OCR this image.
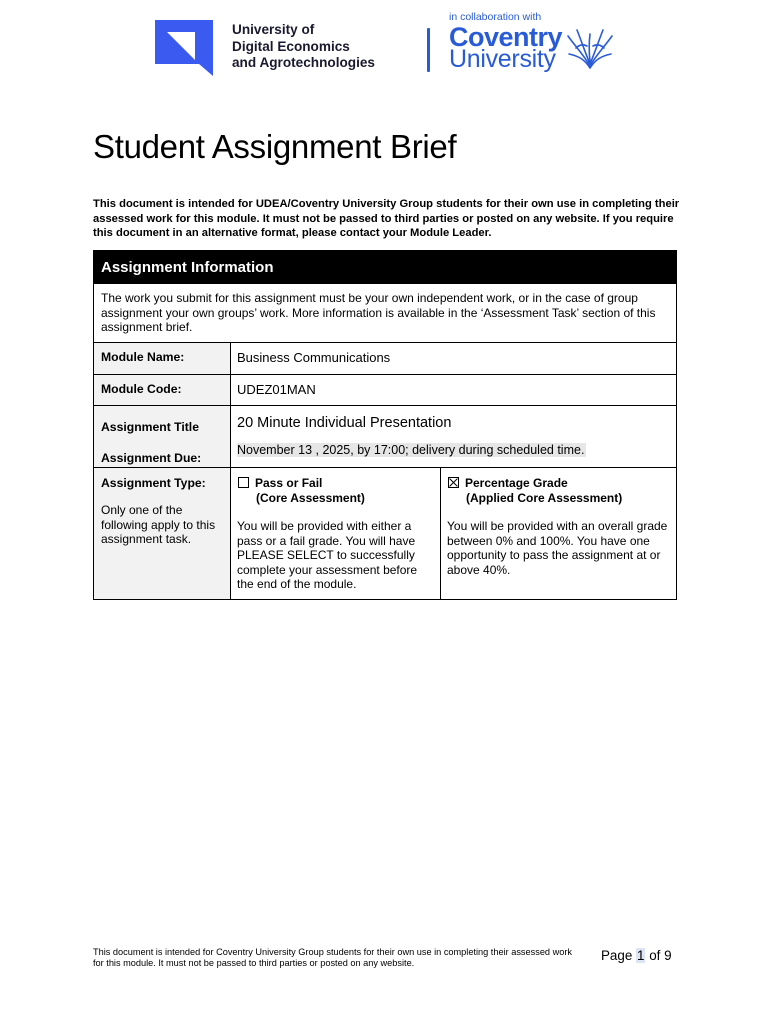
University of
Digital Economics
and Agrotechnologies
in collaboration with
Coventry
University
Student Assignment Brief
This document is intended for UDEA/Coventry University Group students for their own use in completing their assessed work for this module. It must not be passed to third parties or posted on any website. If you require this document in an alternative format, please contact your Module Leader.
Assignment Information
The work you submit for this assignment must be your own independent work, or in the case of group assignment your own groups’ work. More information is available in the ‘Assessment Task’ section of this assignment brief.
Module Name:	Business Communications
Module Code:	UDEZ01MAN
Assignment Title
Assignment Due:
20 Minute Individual Presentation
November 13 , 2025, by 17:00; delivery during scheduled time.
Assignment Type:
Only one of the following apply to this assignment task.
Pass or Fail
(Core Assessment)

You will be provided with either a pass or a fail grade. You will have PLEASE SELECT to successfully complete your assessment before the end of the module.

Percentage Grade
(Applied Core Assessment)

You will be provided with an overall grade between 0% and 100%. You have one opportunity to pass the assignment at or above 40%.

This document is intended for Coventry University Group students for their own use in completing their assessed work for this module. It must not be passed to third parties or posted on any website.
Page 1 of 9
